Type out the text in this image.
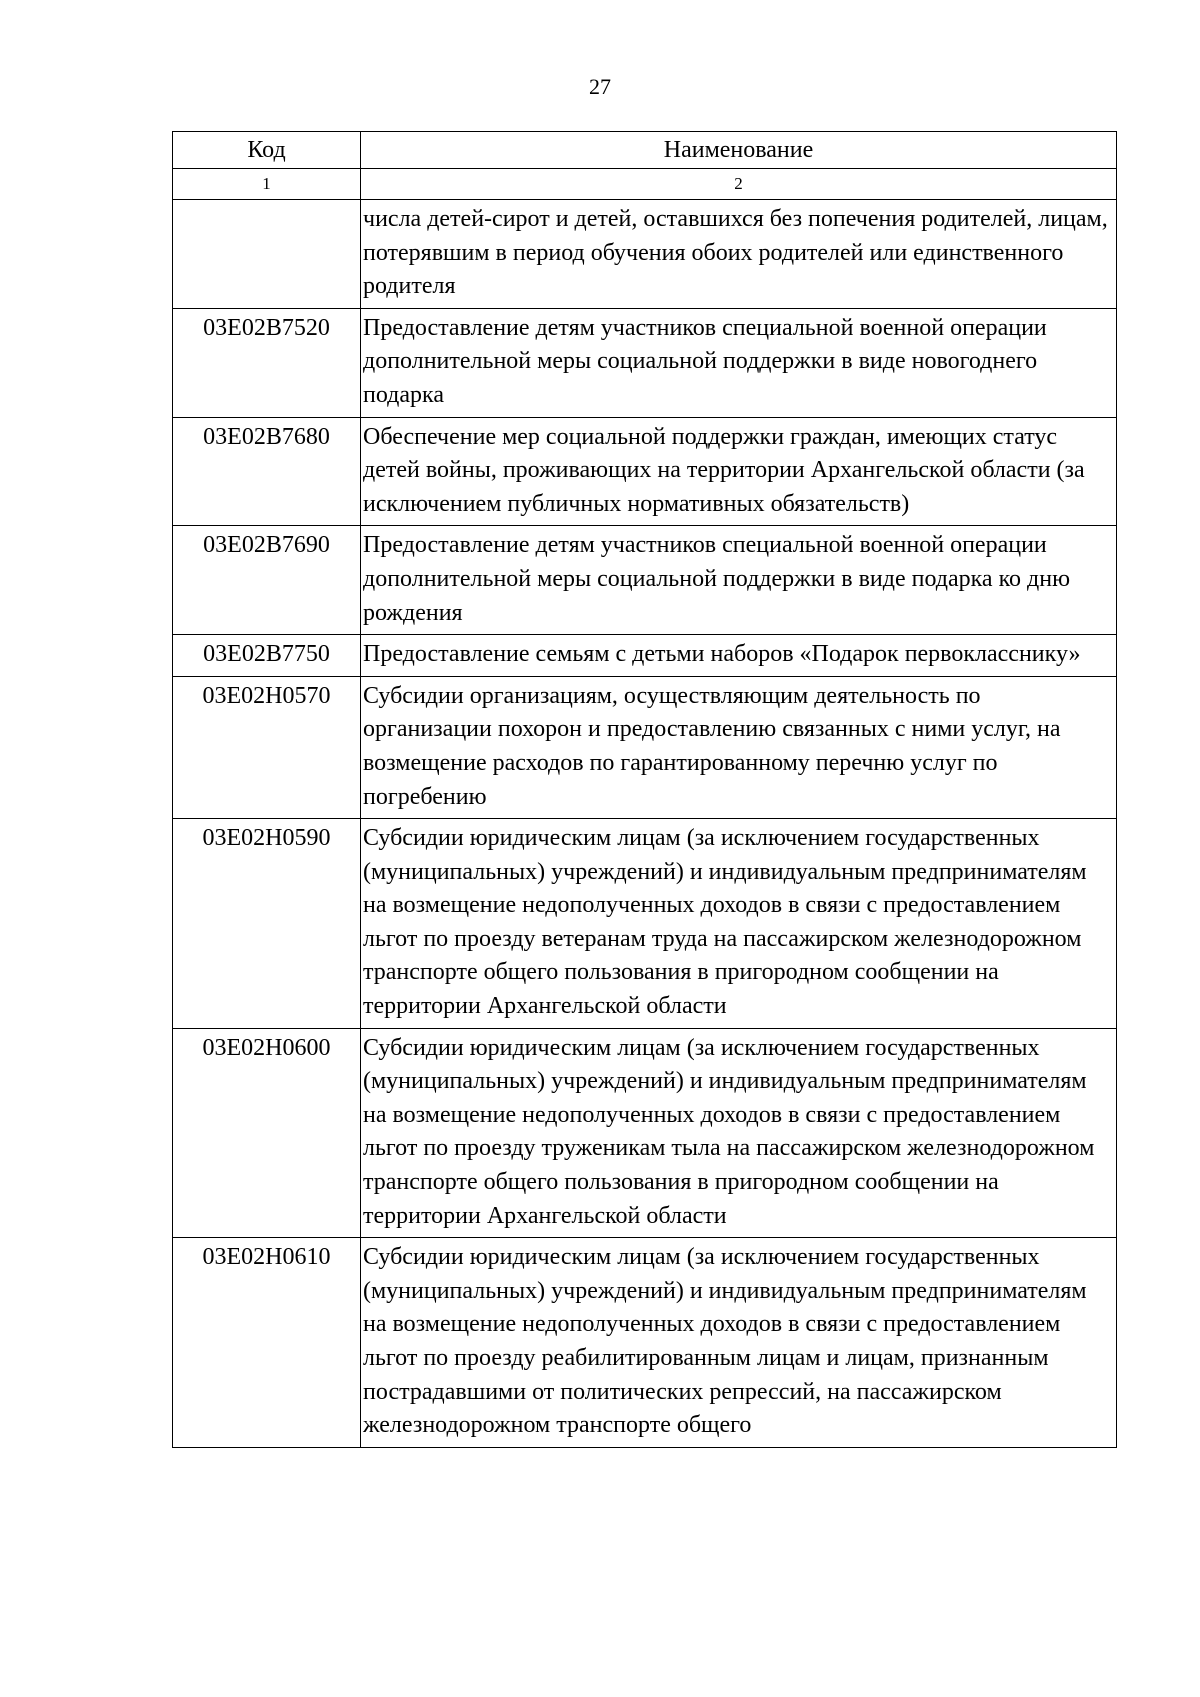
27
Код	Наименование
1	2
	числа детей-сирот и детей, оставшихся без попечения родителей, лицам, потерявшим в период обучения обоих родителей или единственного родителя
03E02B7520	Предоставление детям участников специальной военной операции дополнительной меры социальной поддержки в виде новогоднего подарка
03E02B7680	Обеспечение мер социальной поддержки граждан, имеющих статус детей войны, проживающих на территории Архангельской области (за исключением публичных нормативных обязательств)
03E02B7690	Предоставление детям участников специальной военной операции дополнительной меры социальной поддержки в виде подарка ко дню рождения
03E02B7750	Предоставление семьям с детьми наборов «Подарок первокласснику»
03E02H0570	Субсидии организациям, осуществляющим деятельность по организации похорон и предоставлению связанных с ними услуг, на возмещение расходов по гарантированному перечню услуг по погребению
03E02H0590	Субсидии юридическим лицам (за исключением государственных (муниципальных) учреждений) и индивидуальным предпринимателям на возмещение недополученных доходов в связи с предоставлением льгот по проезду ветеранам труда на пассажирском железнодорожном транспорте общего пользования в пригородном сообщении на территории Архангельской области
03E02H0600	Субсидии юридическим лицам (за исключением государственных (муниципальных) учреждений) и индивидуальным предпринимателям на возмещение недополученных доходов в связи с предоставлением льгот по проезду труженикам тыла на пассажирском железнодорожном транспорте общего пользования в пригородном сообщении на территории Архангельской области
03E02H0610	Субсидии юридическим лицам (за исключением государственных (муниципальных) учреждений) и индивидуальным предпринимателям на возмещение недополученных доходов в связи с предоставлением льгот по проезду реабилитированным лицам и лицам, признанным пострадавшими от политических репрессий, на пассажирском железнодорожном транспорте общего
